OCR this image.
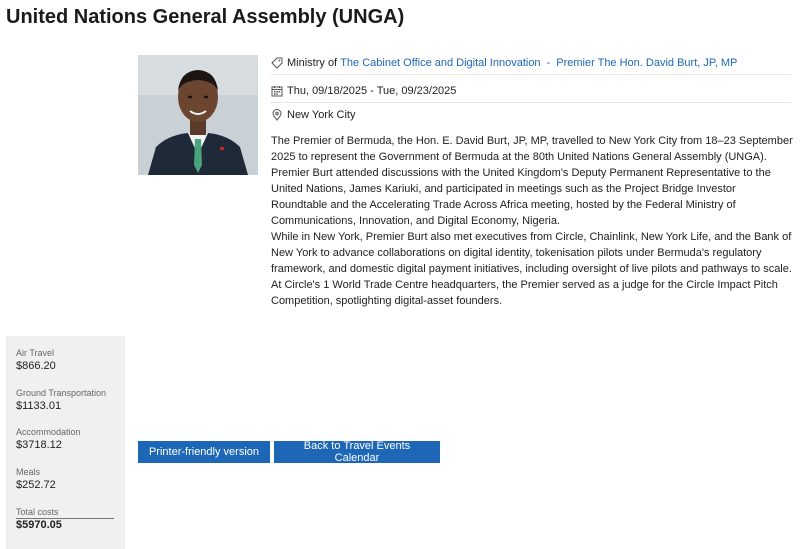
United Nations General Assembly (UNGA)
Ministry of
The Cabinet Office and Digital Innovation - Premier The Hon. David Burt, JP, MP
Thu, 09/18/2025 - Tue, 09/23/2025
New York City

The Premier of Bermuda, the Hon. E. David Burt, JP, MP, travelled to New York City from 18–23 September 2025 to represent the Government of Bermuda at the 80th United Nations General Assembly (UNGA). Premier Burt attended discussions with the United Kingdom's Deputy Permanent Representative to the United Nations, James Kariuki, and participated in meetings such as the Project Bridge Investor Roundtable and the Accelerating Trade Across Africa meeting, hosted by the Federal Ministry of Communications, Innovation, and Digital Economy, Nigeria.

While in New York, Premier Burt also met executives from Circle, Chainlink, New York Life, and the Bank of New York to advance collaborations on digital identity, tokenisation pilots under Bermuda's regulatory framework, and domestic digital payment initiatives, including oversight of live pilots and pathways to scale. At Circle's 1 World Trade Centre headquarters, the Premier served as a judge for the Circle Impact Pitch Competition, spotlighting digital-asset founders.

Air Travel
$866.20
Ground Transportation
$1133.01
Accommodation
$3718.12
Meals
$252.72
Total costs
$5970.05
Printer-friendly version	Back to Travel Events Calendar
